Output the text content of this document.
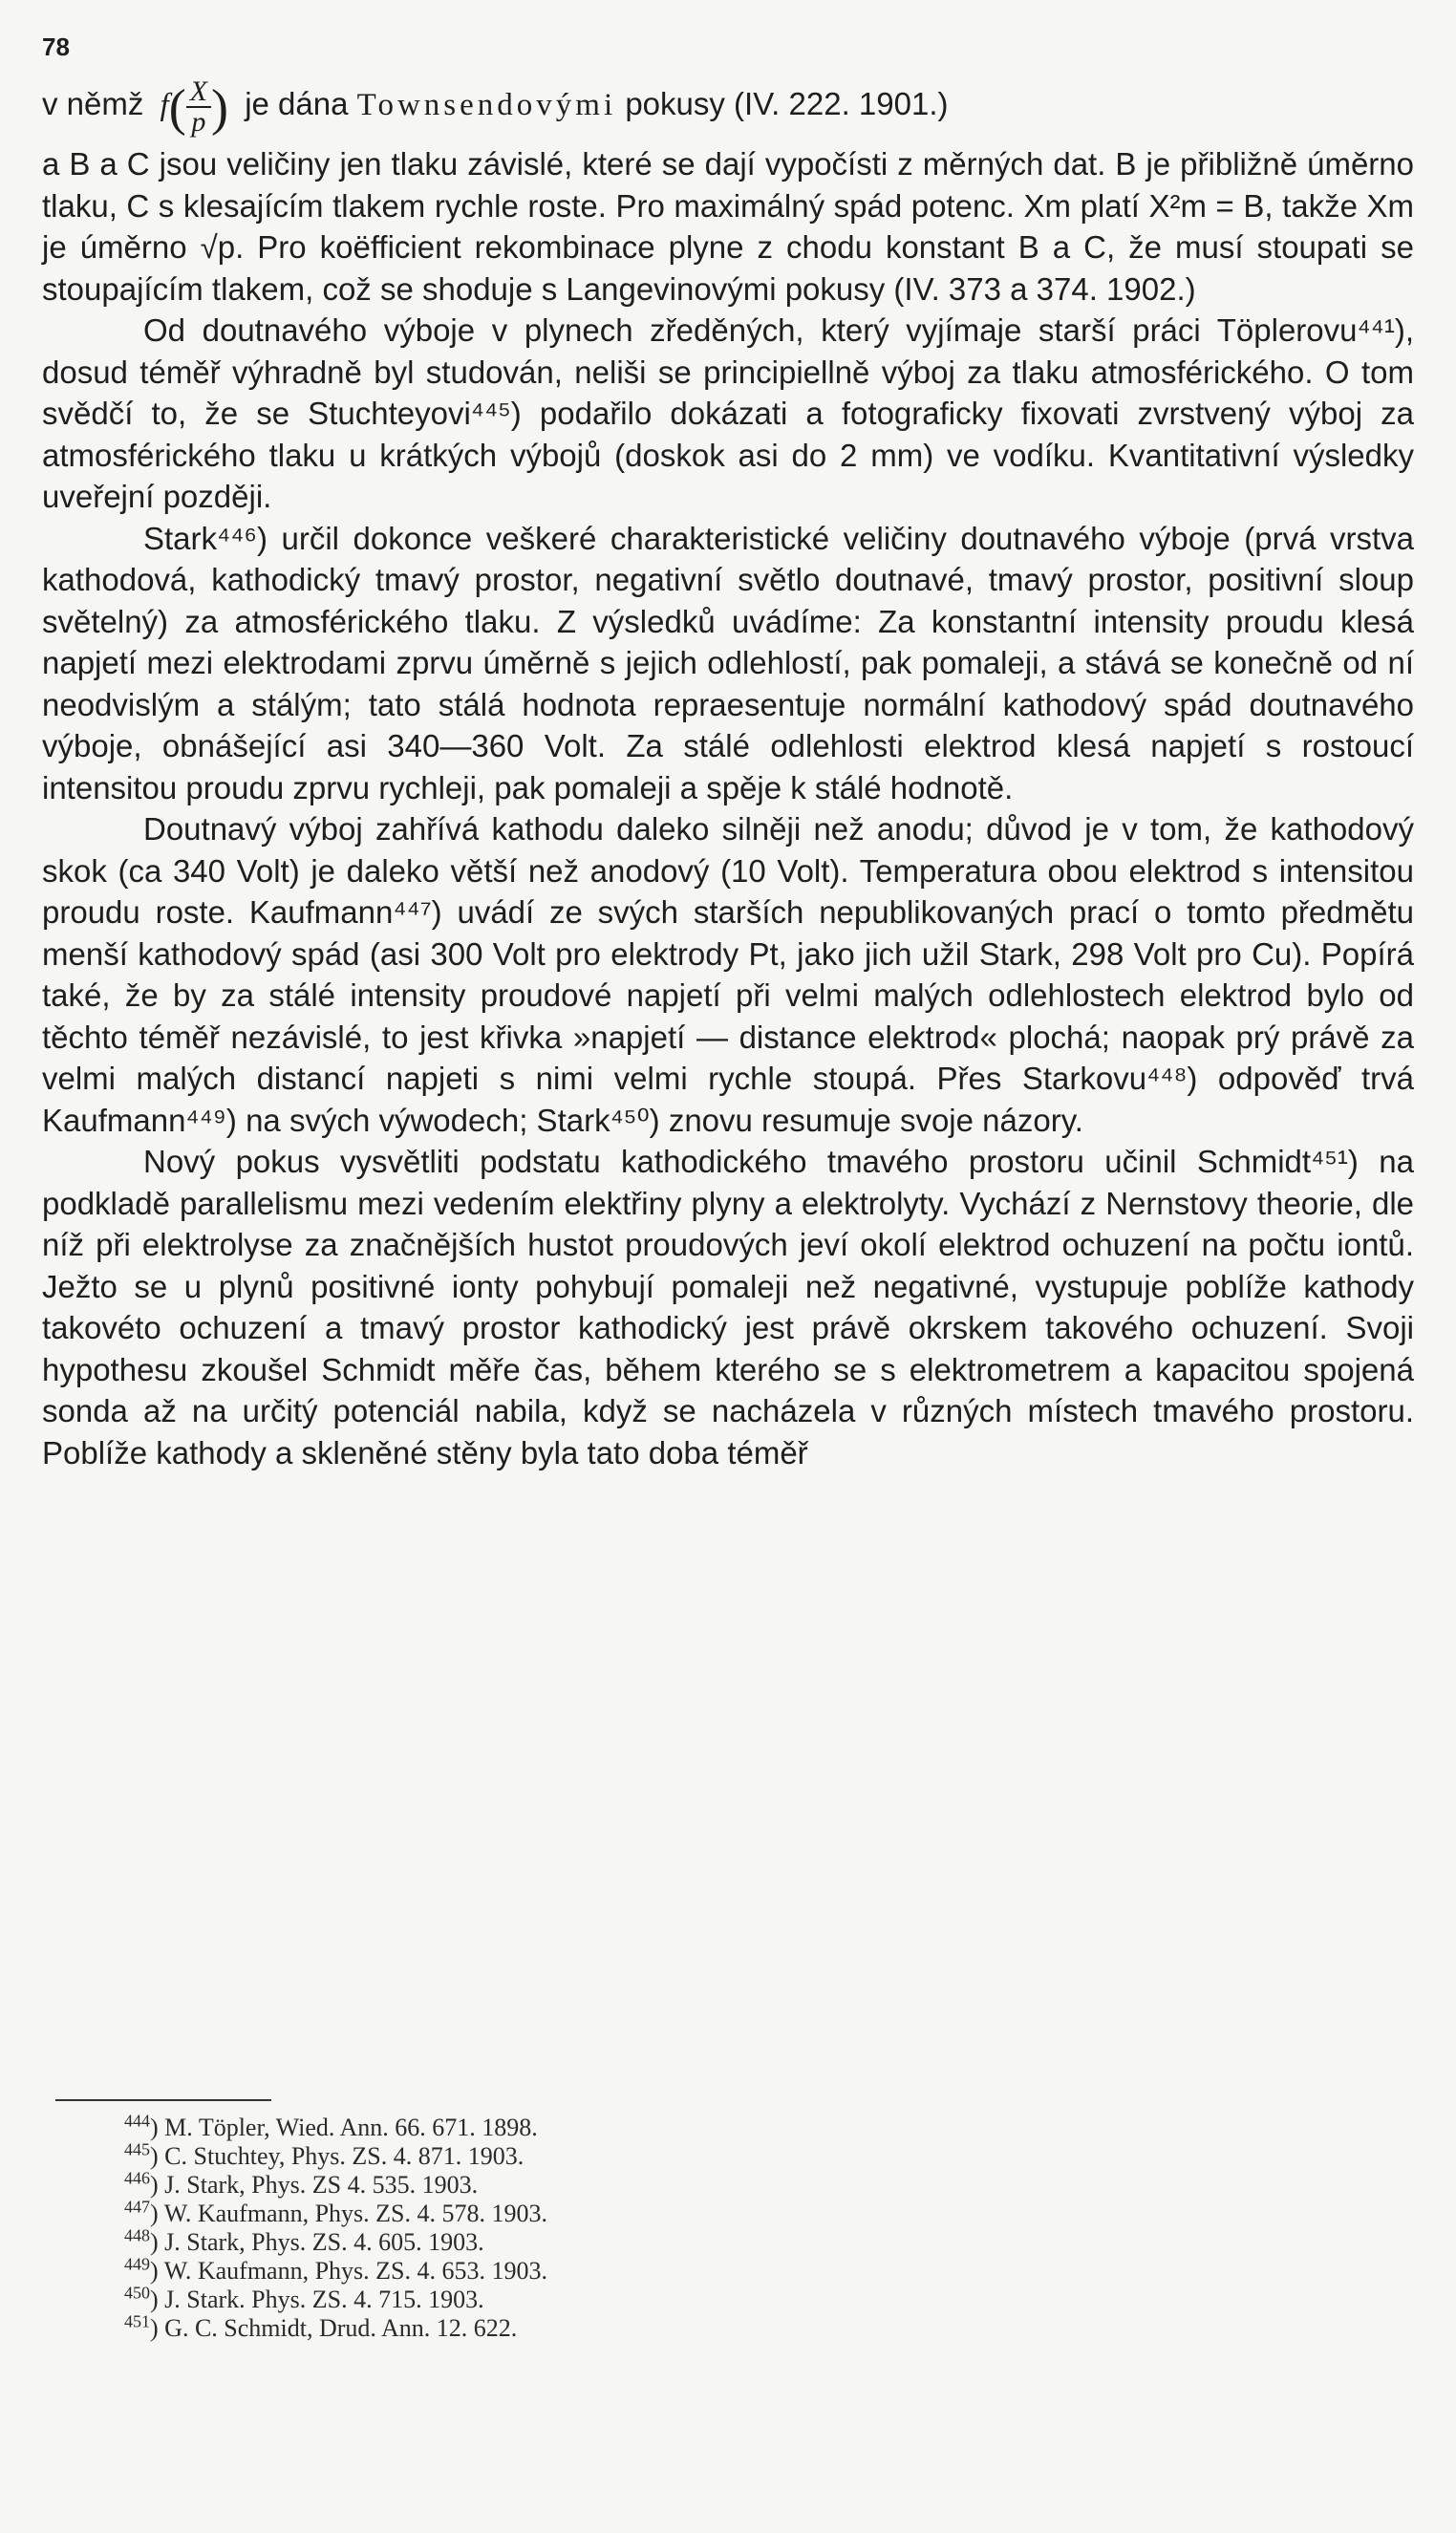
78
v němž $f( \frac{X}{p}$ ) je dána Townsendovými pokusy (IV. 222. 1901.)

a B a C jsou veličiny jen tlaku závislé, které se dají vypočísti z měrných dat. B je přibližně úměrno tlaku, C s klesajícím tlakem rychle roste. Pro maximálný spád potenc. Xm platí X²m = B, takže Xm je úměrno √p. Pro koëfficient rekombinace plyne z chodu konstant B a C, že musí stoupati se stoupajícím tlakem, což se shoduje s Langevinovými pokusy (IV. 373 a 374. 1902.)

Od doutnavého výboje v plynech zředěných, který vyjímaje starší práci Töplerovu⁴⁴¹), dosud téměř výhradně byl studován, neliši se principiellně výboj za tlaku atmosférického. O tom svědčí to, že se Stuchteyovi⁴⁴⁵) podařilo dokázati a fotograficky fixovati zvrstvený výboj za atmosférického tlaku u krátkých výbojů (doskok asi do 2 mm) ve vodíku. Kvantitativní výsledky uveřejní později.

Stark⁴⁴⁶) určil dokonce veškeré charakteristické veličiny doutnavého výboje (prvá vrstva kathodová, kathodický tmavý prostor, negativní světlo doutnavé, tmavý prostor, positivní sloup světelný) za atmosférického tlaku. Z výsledků uvádíme: Za konstantní intensity proudu klesá napjetí mezi elektrodami zprvu úměrně s jejich odlehlostí, pak pomaleji, a stává se konečně od ní neodvislým a stálým; tato stálá hodnota repraesentuje normální kathodový spád doutnavého výboje, obnášející asi 340—360 Volt. Za stálé odlehlosti elektrod klesá napjetí s rostoucí intensitou proudu zprvu rychleji, pak pomaleji a spěje k stálé hodnotě.

Doutnavý výboj zahřívá kathodu daleko silněji než anodu; důvod je v tom, že kathodový skok (ca 340 Volt) je daleko větší než anodový (10 Volt). Temperatura obou elektrod s intensitou proudu roste. Kaufmann⁴⁴⁷) uvádí ze svých starších nepublikovaných prací o tomto předmětu menší kathodový spád (asi 300 Volt pro elektrody Pt, jako jich užil Stark, 298 Volt pro Cu). Popírá také, že by za stálé intensity proudové napjetí při velmi malých odlehlostech elektrod bylo od těchto téměř nezávislé, to jest křivka »napjetí — distance elektrod« plochá; naopak prý právě za velmi malých distancí napjeti s nimi velmi rychle stoupá. Přes Starkovu⁴⁴⁸) odpověď trvá Kaufmann⁴⁴⁹) na svých výwodech; Stark⁴⁵⁰) znovu resumuje svoje názory.

Nový pokus vysvětliti podstatu kathodického tmavého prostoru učinil Schmidt⁴⁵¹) na podkladě parallelismu mezi vedením elektřiny plyny a elektrolyty. Vychází z Nernstovy theorie, dle níž při elektrolyse za značnějších hustot proudových jeví okolí elektrod ochuzení na počtu iontů. Ježto se u plynů positivné ionty pohybují pomaleji než negativné, vystupuje poblíže kathody takovéto ochuzení a tmavý prostor kathodický jest právě okrskem takového ochuzení. Svoji hypothesu zkoušel Schmidt měře čas, během kterého se s elektrometrem a kapacitou spojená sonda až na určitý potenciál nabila, když se nacházela v různých místech tmavého prostoru. Poblíže kathody a skleněné stěny byla tato doba téměř

$^{444}$) M. Töpler, Wied. Ann. 66. 671. 1898.
$^{445}$) C. Stuchtey, Phys. ZS. 4. 871. 1903.
$^{446}$) J. Stark, Phys. ZS 4. 535. 1903.
$^{447}$) W. Kaufmann, Phys. ZS. 4. 578. 1903.
$^{448}$) J. Stark, Phys. ZS. 4. 605. 1903.
$^{449}$) W. Kaufmann, Phys. ZS. 4. 653. 1903.
$^{450}$) J. Stark. Phys. ZS. 4. 715. 1903.
$^{451}$) G. C. Schmidt, Drud. Ann. 12. 622.
